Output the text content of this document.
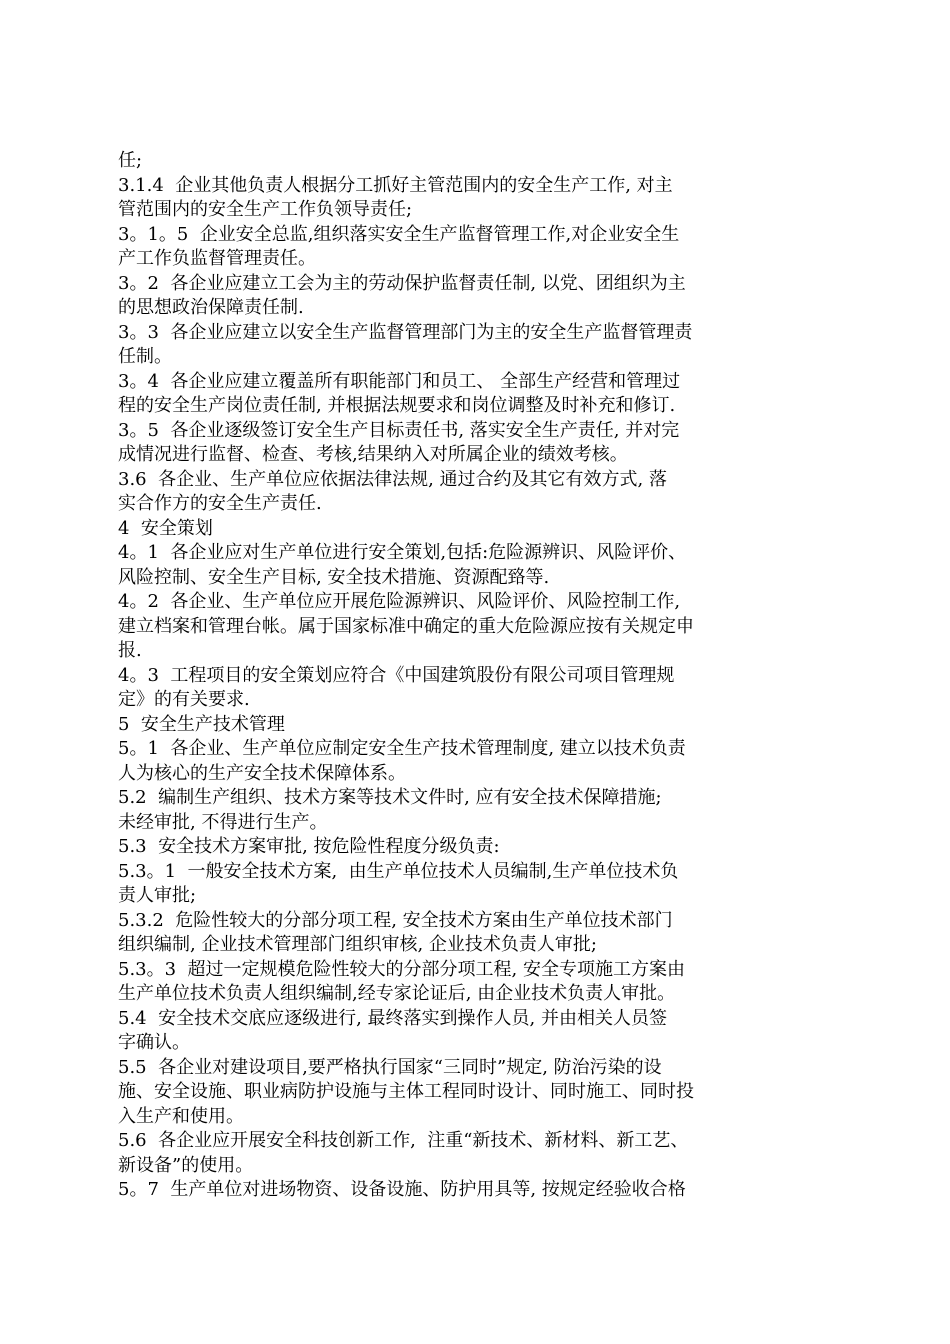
任;
3.1.4  企业其他负责人根据分工抓好主管范围内的安全生产工作, 对主
管范围内的安全生产工作负领导责任;
3。1。5  企业安全总监,组织落实安全生产监督管理工作,对企业安全生
产工作负监督管理责任。
3。2  各企业应建立工会为主的劳动保护监督责任制, 以党、团组织为主
的思想政治保障责任制.
3。3  各企业应建立以安全生产监督管理部门为主的安全生产监督管理责
任制。
3。4  各企业应建立覆盖所有职能部门和员工、 全部生产经营和管理过
程的安全生产岗位责任制, 并根据法规要求和岗位调整及时补充和修订.
3。5  各企业逐级签订安全生产目标责任书, 落实安全生产责任, 并对完
成情况进行监督、检查、考核,结果纳入对所属企业的绩效考核。
3.6  各企业、生产单位应依据法律法规, 通过合约及其它有效方式, 落
实合作方的安全生产责任.
4  安全策划
4。1  各企业应对生产单位进行安全策划,包括:危险源辨识、风险评价、
风险控制、安全生产目标, 安全技术措施、资源配臵等.
4。2  各企业、生产单位应开展危险源辨识、风险评价、风险控制工作,
建立档案和管理台帐。属于国家标准中确定的重大危险源应按有关规定申
报.
4。3  工程项目的安全策划应符合《中国建筑股份有限公司项目管理规
定》的有关要求.
5  安全生产技术管理
5。1  各企业、生产单位应制定安全生产技术管理制度, 建立以技术负责
人为核心的生产安全技术保障体系。
5.2  编制生产组织、技术方案等技术文件时, 应有安全技术保障措施;
未经审批, 不得进行生产。
5.3  安全技术方案审批, 按危险性程度分级负责:
5.3。1  一般安全技术方案,  由生产单位技术人员编制,生产单位技术负
责人审批;
5.3.2  危险性较大的分部分项工程, 安全技术方案由生产单位技术部门
组织编制, 企业技术管理部门组织审核, 企业技术负责人审批;
5.3。3  超过一定规模危险性较大的分部分项工程, 安全专项施工方案由
生产单位技术负责人组织编制,经专家论证后, 由企业技术负责人审批。
5.4  安全技术交底应逐级进行, 最终落实到操作人员, 并由相关人员签
字确认。
5.5  各企业对建设项目,要严格执行国家“三同时”规定, 防治污染的设
施、安全设施、职业病防护设施与主体工程同时设计、同时施工、同时投
入生产和使用。
5.6  各企业应开展安全科技创新工作,  注重“新技术、新材料、新工艺、
新设备”的使用。
5。7  生产单位对进场物资、设备设施、防护用具等, 按规定经验收合格
